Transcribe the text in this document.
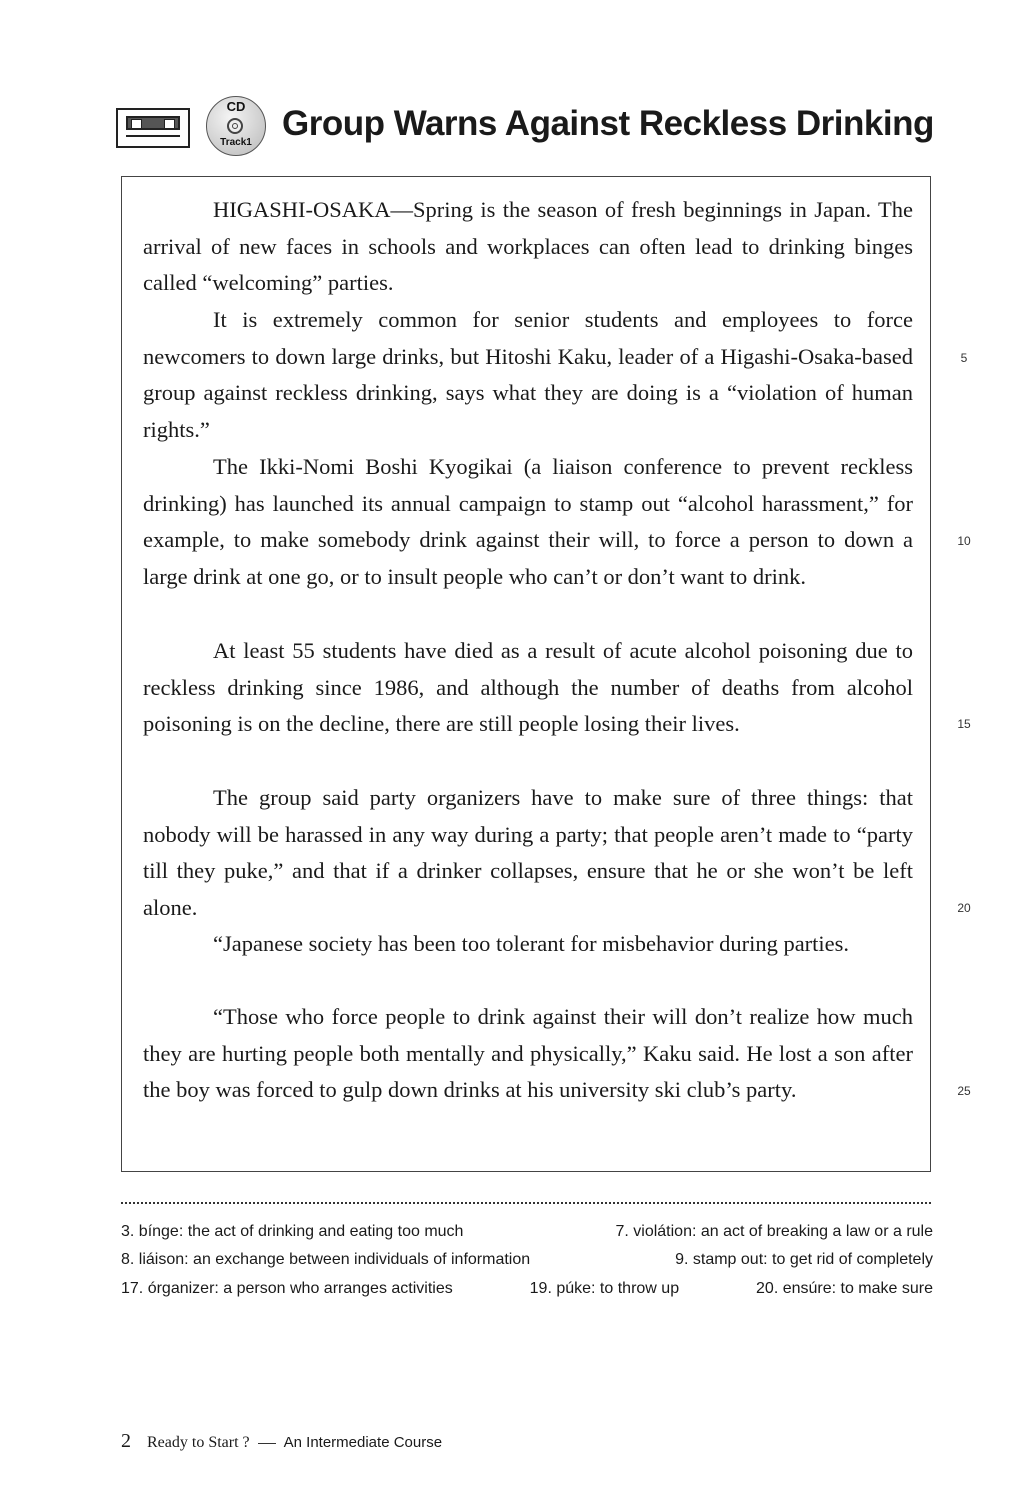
CD
Track1 Group Warns Against Reckless Drinking

HIGASHI-OSAKA—Spring is the season of fresh beginnings in Japan. The arrival of new faces in schools and workplaces can often lead to drinking binges called “welcoming” parties.

It is extremely common for senior students and employees to force newcomers to down large drinks, but Hitoshi Kaku, leader of a Higashi-Osaka-based group against reckless drinking, says what they are doing is a “violation of human rights.”

The Ikki-Nomi Boshi Kyogikai (a liaison conference to prevent reckless drinking) has launched its annual campaign to stamp out “alcohol harassment,” for example, to make somebody drink against their will, to force a person to down a large drink at one go, or to insult people who can’t or don’t want to drink.

At least 55 students have died as a result of acute alcohol poisoning due to reckless drinking since 1986, and although the number of deaths from alcohol poisoning is on the decline, there are still people losing their lives.

The group said party organizers have to make sure of three things: that nobody will be harassed in any way during a party; that people aren’t made to “party till they puke,” and that if a drinker collapses, ensure that he or she won’t be left alone.

“Japanese society has been too tolerant for misbehavior during parties.

“Those who force people to drink against their will don’t realize how much they are hurting people both mentally and physically,” Kaku said. He lost a son after the boy was forced to gulp down drinks at his university ski club’s party.

5
10
15
20
25
3. bínge: the act of drinking and eating too much	7. violátion: an act of breaking a law or a rule
8. liáison: an exchange between individuals of information	9. stamp out: to get rid of completely
17. órganizer: a person who arranges activities	19. púke: to throw up	20. ensúre: to make sure
2 Ready to Start ? An Intermediate Course
